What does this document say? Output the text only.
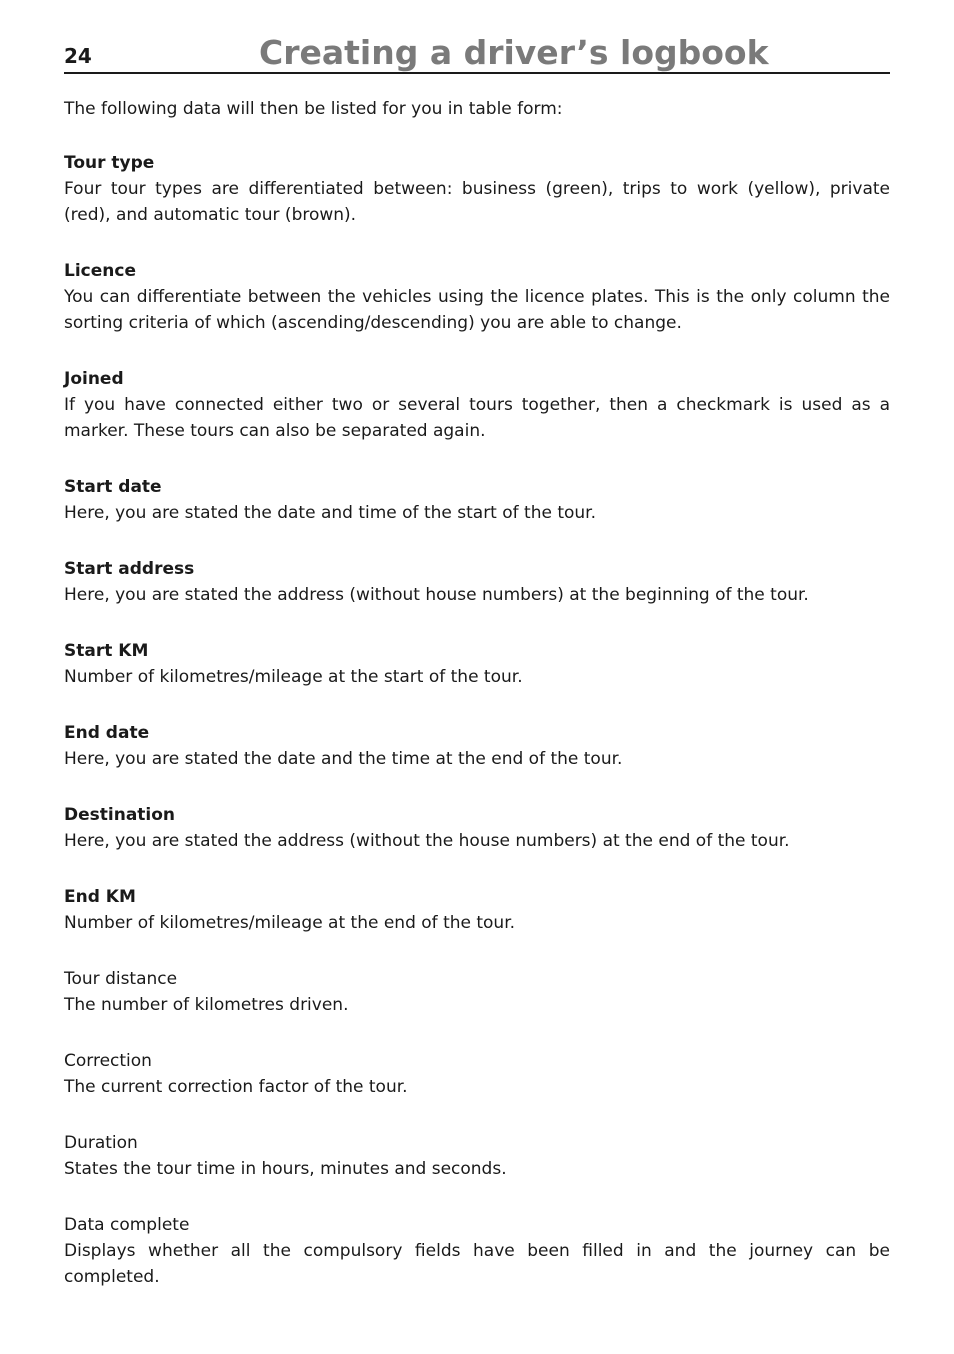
24	Creating a driver’s logbook

The following data will then be listed for you in table form:

Tour type
Four tour types are differentiated between: business (green), trips to work (yellow), private (red), and automatic tour (brown).
Licence
You can differentiate between the vehicles using the licence plates. This is the only column the sorting criteria of which (ascending/descending) you are able to change.
Joined
If you have connected either two or several tours together, then a checkmark is used as a marker. These tours can also be separated again.
Start date
Here, you are stated the date and time of the start of the tour.
Start address
Here, you are stated the address (without house numbers) at the beginning of the tour.
Start KM
Number of kilometres/mileage at the start of the tour.
End date
Here, you are stated the date and the time at the end of the tour.
Destination
Here, you are stated the address (without the house numbers) at the end of the tour.
End KM
Number of kilometres/mileage at the end of the tour.
Tour distance
The number of kilometres driven.
Correction
The current correction factor of the tour.
Duration
States the tour time in hours, minutes and seconds.
Data complete
Displays whether all the compulsory fields have been filled in and the journey can be completed.
